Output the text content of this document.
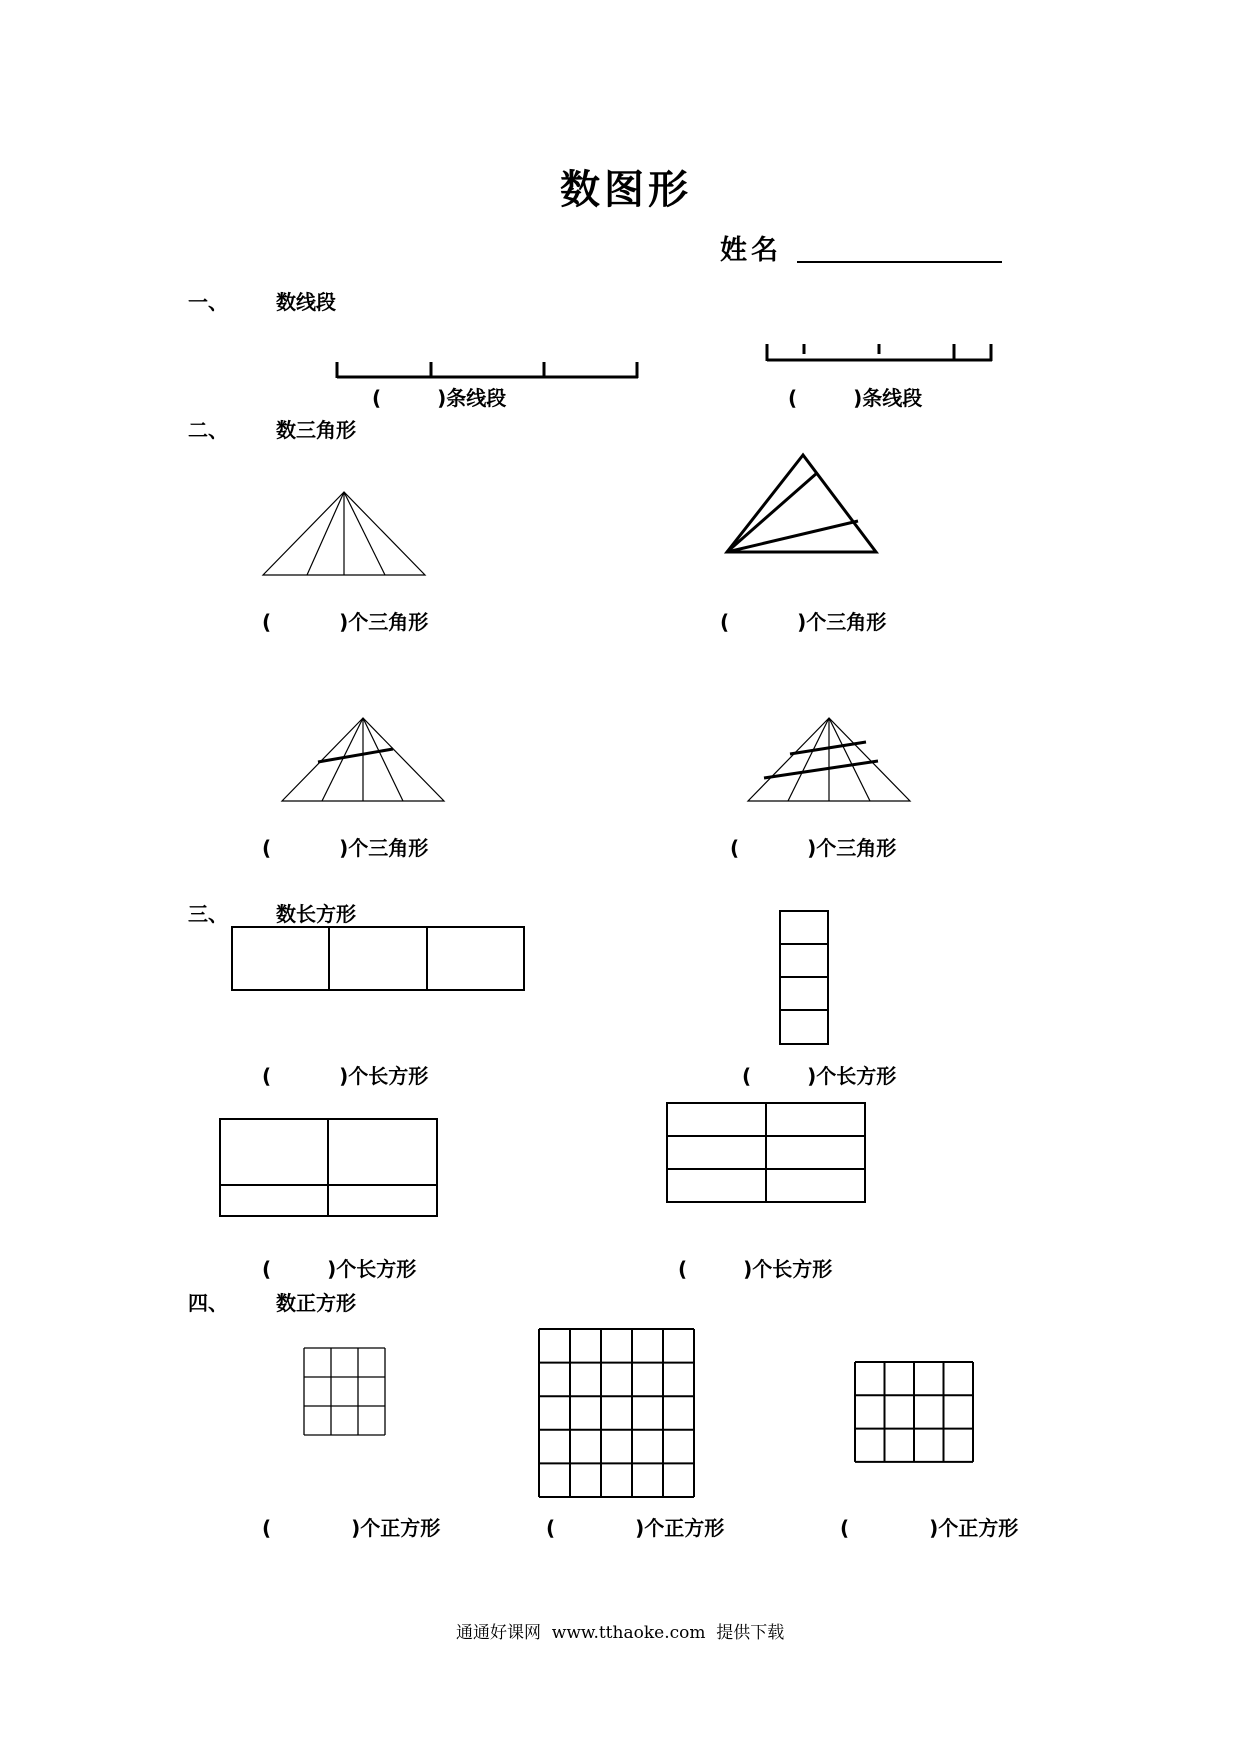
数图形
姓名
一、 数线段
(	)条线段	(	)条线段
二、 数三角形
(	)个三角形	(	)个三角形
(	)个三角形	(	)个三角形
三、 数长方形
(	)个长方形	(	)个长方形
(	)个长方形	(	)个长方形
四、 数正方形
(	)个正方形	(	)个正方形	(	)个正方形
通通好课网  www.tthaoke.com  提供下载
